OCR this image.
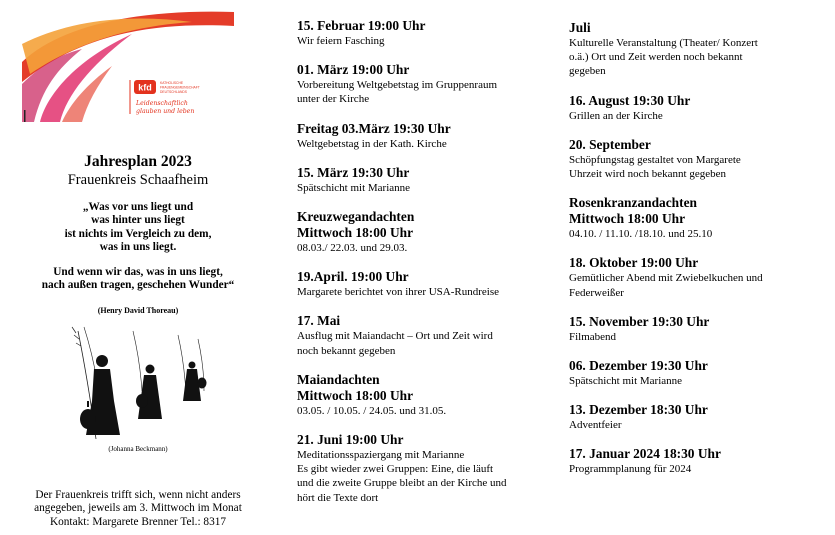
kfd	KATHOLISCHE
FRAUENGEMEINSCHAFT
DEUTSCHLANDS
Leidenschaftlich
glauben und leben
Jahresplan 2023
Frauenkreis Schaafheim
„Was vor uns liegt und
was hinter uns liegt
ist nichts im Vergleich zu dem,
was in uns liegt.
Und wenn wir das, was in uns liegt,
nach außen tragen, geschehen Wunder“
(Henry David Thoreau)
(Johanna Beckmann)
Der Frauenkreis trifft sich, wenn nicht anders
angegeben, jeweils am 3. Mittwoch im Monat
Kontakt: Margarete Brenner Tel.: 8317
15. Februar 19:00 Uhr
Wir feiern Fasching
01. März 19:00 Uhr
Vorbereitung Weltgebetstag im Gruppenraum
unter der Kirche
Freitag 03.März 19:30 Uhr
Weltgebetstag in der Kath. Kirche
15. März 19:30 Uhr
Spätschicht mit Marianne
Kreuzwegandachten
Mittwoch 18:00 Uhr
08.03./ 22.03. und 29.03.
19.April. 19:00 Uhr
Margarete berichtet von ihrer USA-Rundreise
17. Mai
Ausflug mit Maiandacht – Ort und Zeit wird
noch bekannt gegeben
Maiandachten
Mittwoch 18:00 Uhr
03.05. / 10.05. / 24.05. und 31.05.
21. Juni 19:00 Uhr
Meditationsspaziergang mit Marianne
Es gibt wieder zwei Gruppen: Eine, die läuft
und die zweite Gruppe bleibt an der Kirche und
hört die Texte dort
Juli
Kulturelle Veranstaltung (Theater/ Konzert
o.ä.) Ort und Zeit werden noch bekannt
gegeben
16. August 19:30 Uhr
Grillen an der Kirche
20. September
Schöpfungstag gestaltet von Margarete
Uhrzeit wird noch bekannt gegeben
Rosenkranzandachten
Mittwoch 18:00 Uhr
04.10. / 11.10. /18.10. und 25.10
18. Oktober 19:00 Uhr
Gemütlicher Abend mit Zwiebelkuchen und
Federweißer
15. November 19:30 Uhr
Filmabend
06. Dezember 19:30 Uhr
Spätschicht mit Marianne
13. Dezember 18:30 Uhr
Adventfeier
17. Januar 2024 18:30 Uhr
Programmplanung für 2024
